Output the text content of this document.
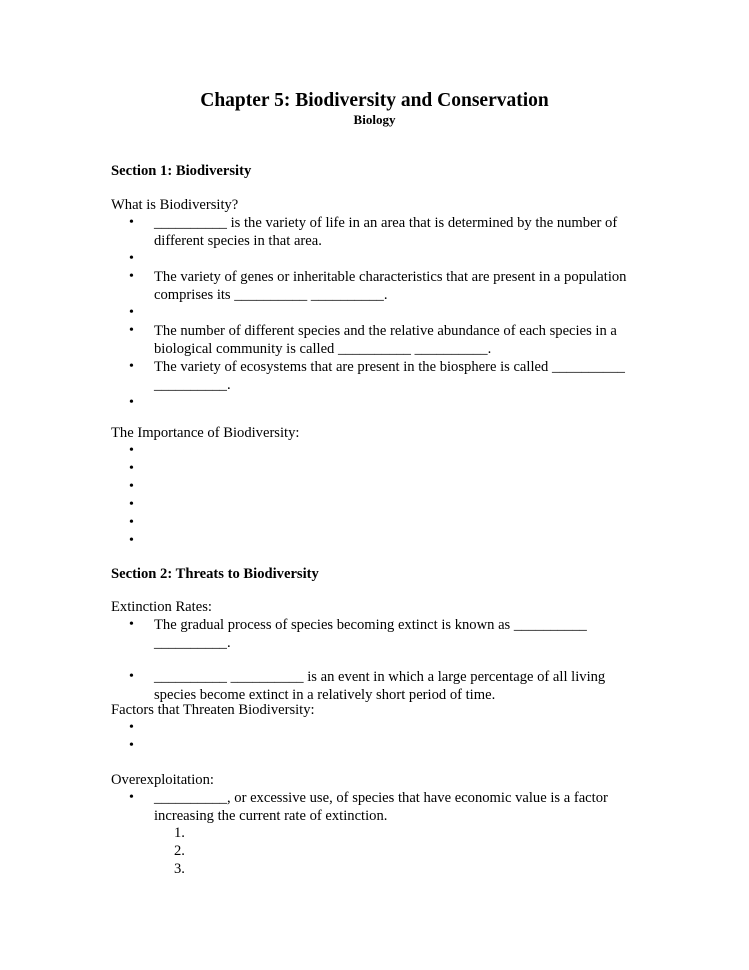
Chapter 5: Biodiversity and Conservation
Biology
Section 1: Biodiversity
What is Biodiversity?
• __________ is the variety of life in an area that is determined by the number of different species in that area.
•
• The variety of genes or inheritable characteristics that are present in a population comprises its __________ __________.
•
• The number of different species and the relative abundance of each species in a biological community is called __________ __________.
• The variety of ecosystems that are present in the biosphere is called __________ __________.
•
The Importance of Biodiversity:
•
•
•
•
•
•
Section 2: Threats to Biodiversity
Extinction Rates:
• The gradual process of species becoming extinct is known as __________ __________.
• __________ __________ is an event in which a large percentage of all living species become extinct in a relatively short period of time.
Factors that Threaten Biodiversity:
•
•
Overexploitation:
• __________, or excessive use, of species that have economic value is a factor increasing the current rate of extinction.
1.
2.
3.
